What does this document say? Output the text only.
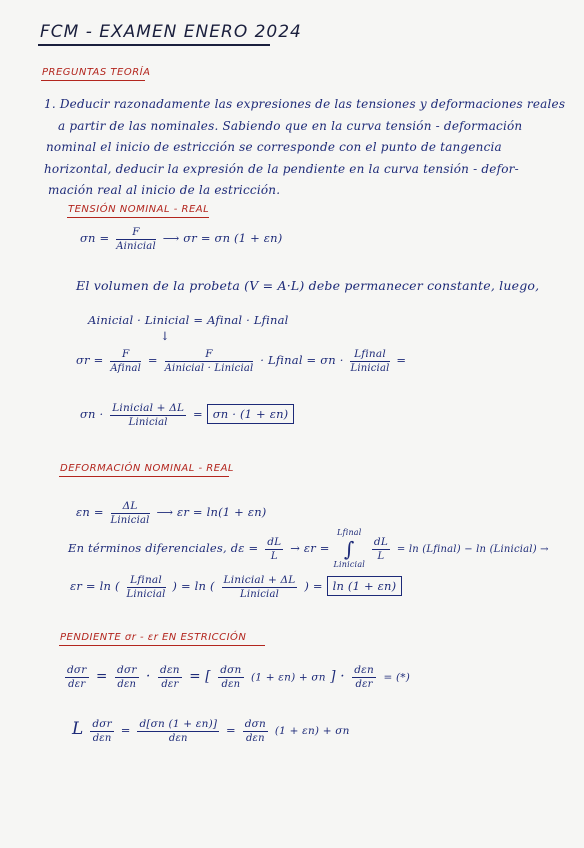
FCM - EXAMEN ENERO 2024
PREGUNTAS TEORÍA
1. Deducir razonadamente las expresiones de las tensiones y deformaciones reales
a partir de las nominales. Sabiendo que en la curva tensión - deformación
nominal el inicio de estricción se corresponde con el punto de tangencia
horizontal, deducir la expresión de la pendiente en la curva tensión - defor-
mación real al inicio de la estricción.
TENSIÓN NOMINAL - REAL
$\sigma n = \frac{F}{\text{Ainicial}}$ ⟶ σr = σn (1 + εn)
El volumen de la probeta (V = A·L) debe permanecer constante, luego,
Ainicial · Linicial = Afinal · Lfinal
↓
$\sigma r = \frac{F}{\text{Afinal}} = \frac{F}{\text{Ainicial · Linicial}}$ · Lfinal = $\sigma n \cdot \frac{\text{Lfinal}}{\text{Linicial}}$ =
$\sigma n \cdot \frac{\text{Linicial + ΔL}}{\text{Linicial}} = \sigma n \cdot (1 + \varepsilon n)$
DEFORMACIÓN NOMINAL - REAL
$\varepsilon n = \frac{\Delta L}{\text{Linicial}}$ ⟶ εr = ln(1 + εn)
En términos diferenciales, $d\varepsilon = \frac{dL}{L} \to \varepsilon r$ =
Lfinal
∫
Linicial

$\frac{dL}{L} = \ln$ (Lfinal) − ln (Linicial) →
εr = ln ( $\frac{\text{Lfinal}}{\text{Linicial}}$ ) = ln ( $\frac{\text{Linicial + ΔL}}{\text{Linicial}}$ ) = ln (1 + εn)
PENDIENTE σr - εr EN ESTRICCIÓN
$\frac{\text{dσr}}{\text{dεr}} = \frac{\text{dσr}}{\text{dεn}} \cdot \frac{\text{dεn}}{\text{dεr}}$ = [ $\frac{\text{dσn}}{\text{dεn}} (1 + \varepsilon n) + \sigma n$ ] · $\frac{\text{dεn}}{\text{dεr}}$ = (*)
L $\frac{\text{dσr}}{\text{dεn}} = \frac{d[\sigma n (1 + \varepsilon n)]}{\text{dεn}} = \frac{\text{dσn}}{\text{dεn}} (1 + \varepsilon n) + \sigma n$
